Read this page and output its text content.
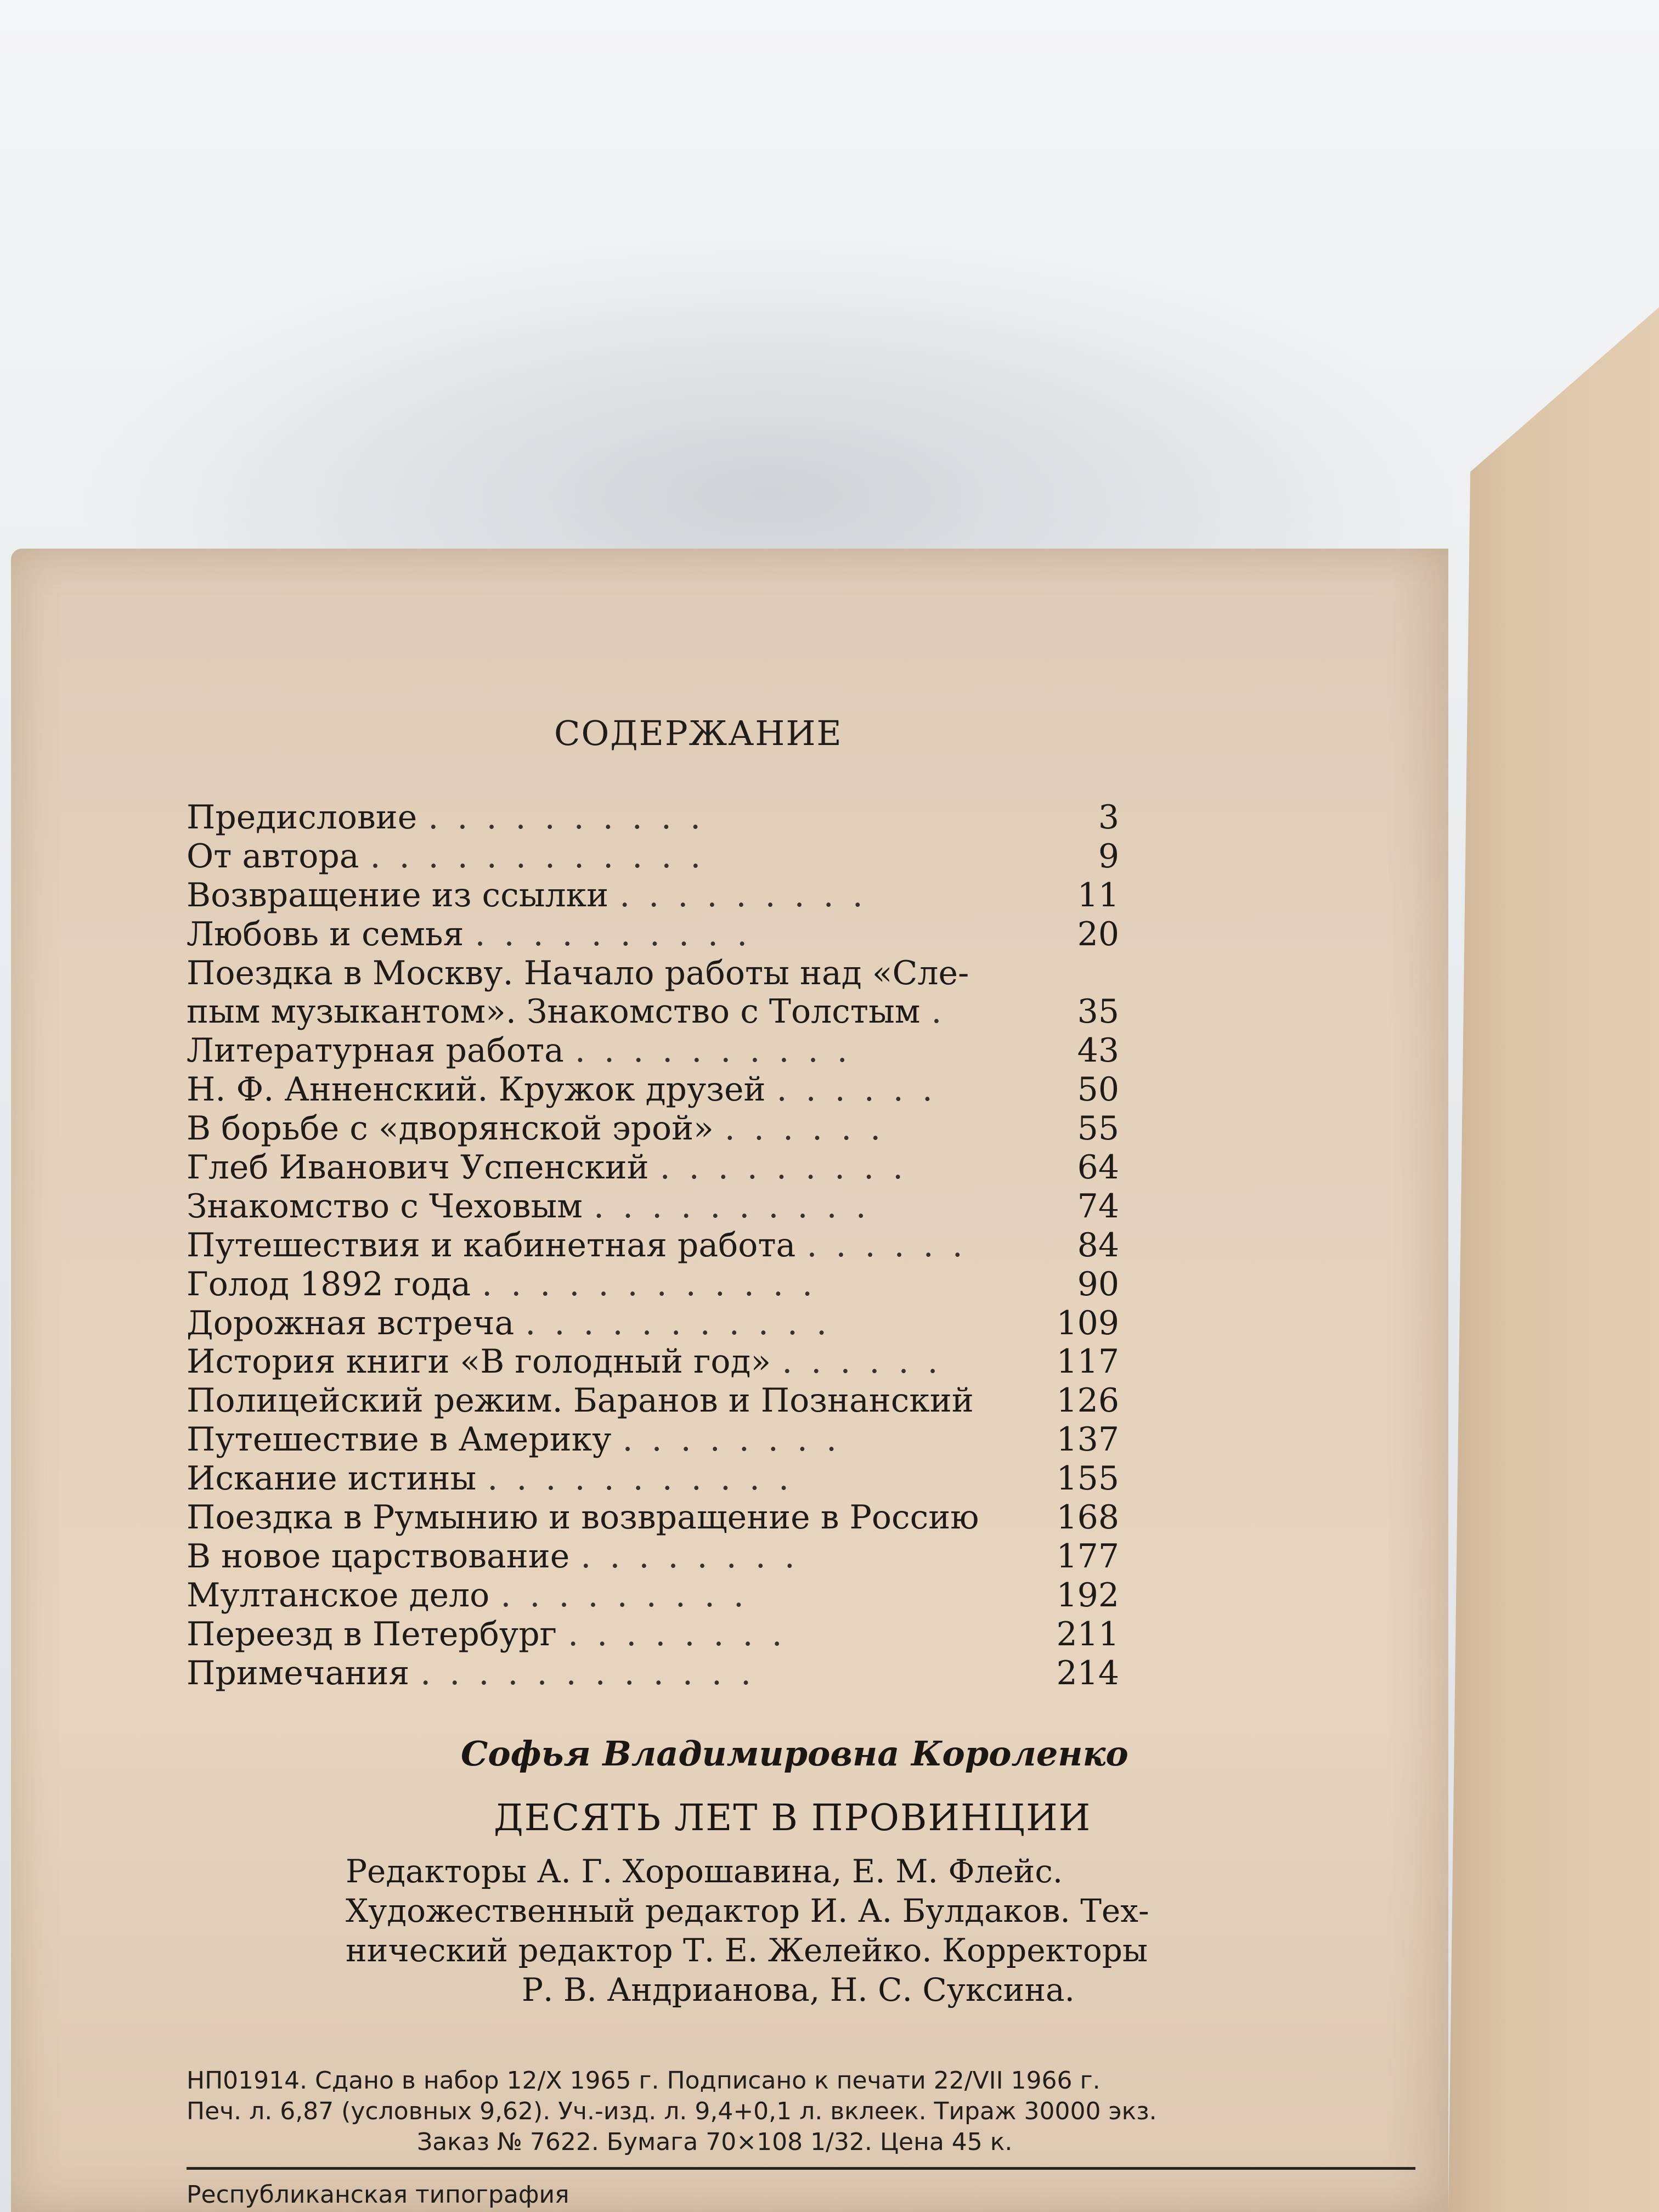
СОДЕРЖАНИЕ
Предисловие ..........	3
От автора ............	9
Возвращение из ссылки .........	11
Любовь и семья ..........	20
Поездка в Москву. Начало работы над «Сле-
пым музыкантом». Знакомство с Толстым .	35
Литературная работа ..........	43
Н. Ф. Анненский. Кружок друзей ......	50
В борьбе с «дворянской эрой» ......	55
Глеб Иванович Успенский .........	64
Знакомство с Чеховым ..........	74
Путешествия и кабинетная работа ......	84
Голод 1892 года ............	90
Дорожная встреча ...........	109
История книги «В голодный год» ......	117
Полицейский режим. Баранов и Познанский	126
Путешествие в Америку ........	137
Искание истины ...........	155
Поездка в Румынию и возвращение в Россию 168
В новое царствование ........	177
Мултанское дело .........	192
Переезд в Петербург ........	211
Примечания ............	214
Софья Владимировна Короленко
ДЕСЯТЬ ЛЕТ В ПРОВИНЦИИ
Редакторы А. Г. Хорошавина, Е. М. Флейс.
Художественный редактор И. А. Булдаков. Тех-
нический редактор Т. Е. Желейко. Корректоры
Р. В. Андрианова, Н. С. Суксина.
НП01914. Сдано в набор 12/X 1965 г. Подписано к печати 22/VII 1966 г.
Печ. л. 6,87 (условных 9,62). Уч.-изд. л. 9,4+0,1 л. вклеек. Тираж 30000 экз.
Заказ № 7622. Бумага 70×108 1/32. Цена 45 к.
Республиканская типография
